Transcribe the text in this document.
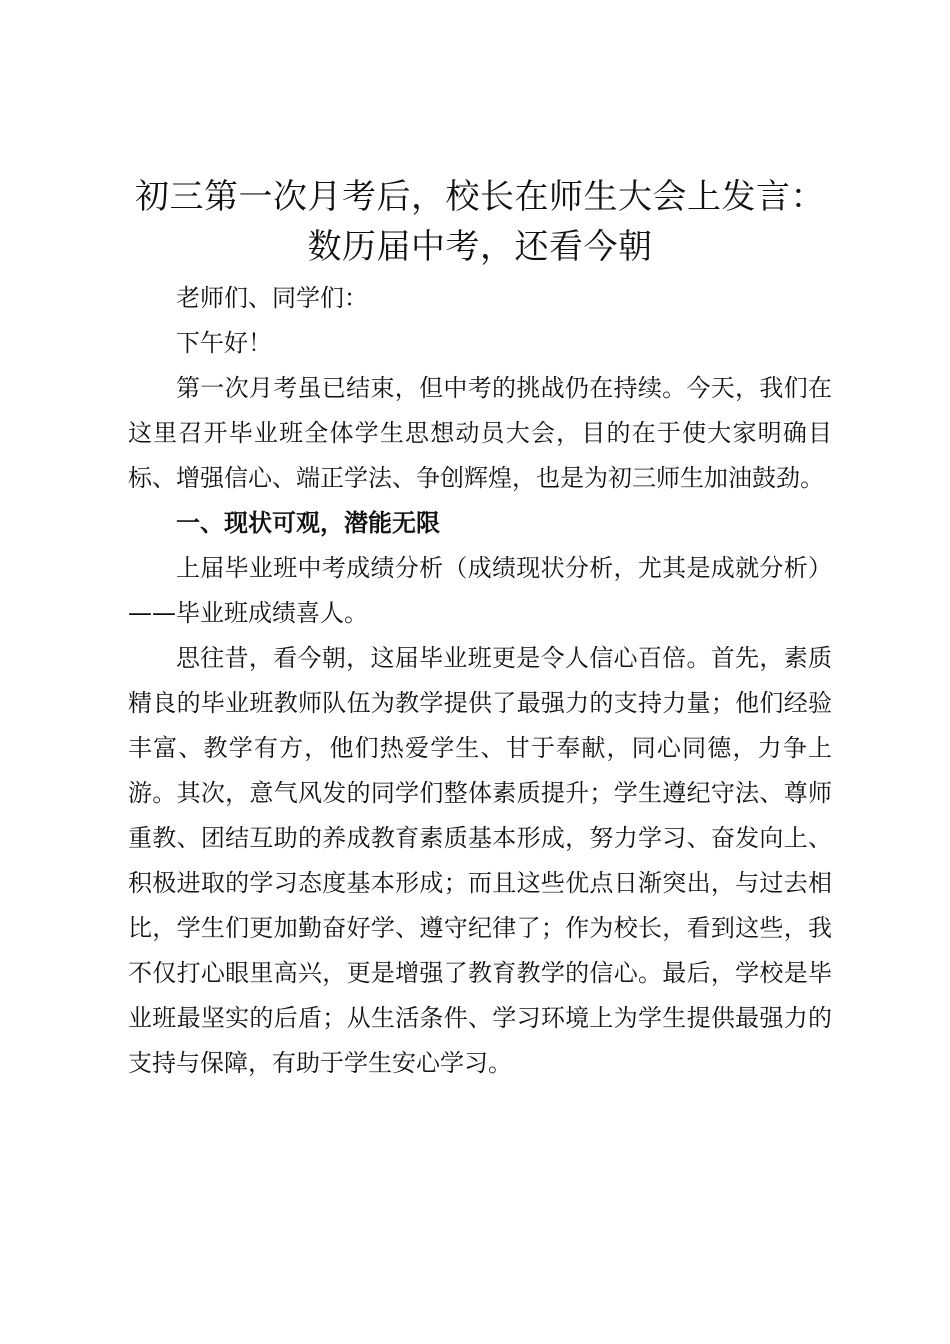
初三第一次月考后，校长在师生大会上发言：
数历届中考，还看今朝

老师们、同学们：

下午好！

第一次月考虽已结束，但中考的挑战仍在持续。今天，我们在这里召开毕业班全体学生思想动员大会，目的在于使大家明确目标、增强信心、端正学法、争创辉煌，也是为初三师生加油鼓劲。

一、现状可观，潜能无限

上届毕业班中考成绩分析（成绩现状分析，尤其是成就分析）——毕业班成绩喜人。

思往昔，看今朝，这届毕业班更是令人信心百倍。首先，素质精良的毕业班教师队伍为教学提供了最强力的支持力量；他们经验丰富、教学有方，他们热爱学生、甘于奉献，同心同德，力争上游。其次，意气风发的同学们整体素质提升；学生遵纪守法、尊师重教、团结互助的养成教育素质基本形成，努力学习、奋发向上、积极进取的学习态度基本形成；而且这些优点日渐突出，与过去相比，学生们更加勤奋好学、遵守纪律了；作为校长，看到这些，我不仅打心眼里高兴，更是增强了教育教学的信心。最后，学校是毕业班最坚实的后盾；从生活条件、学习环境上为学生提供最强力的支持与保障，有助于学生安心学习。
